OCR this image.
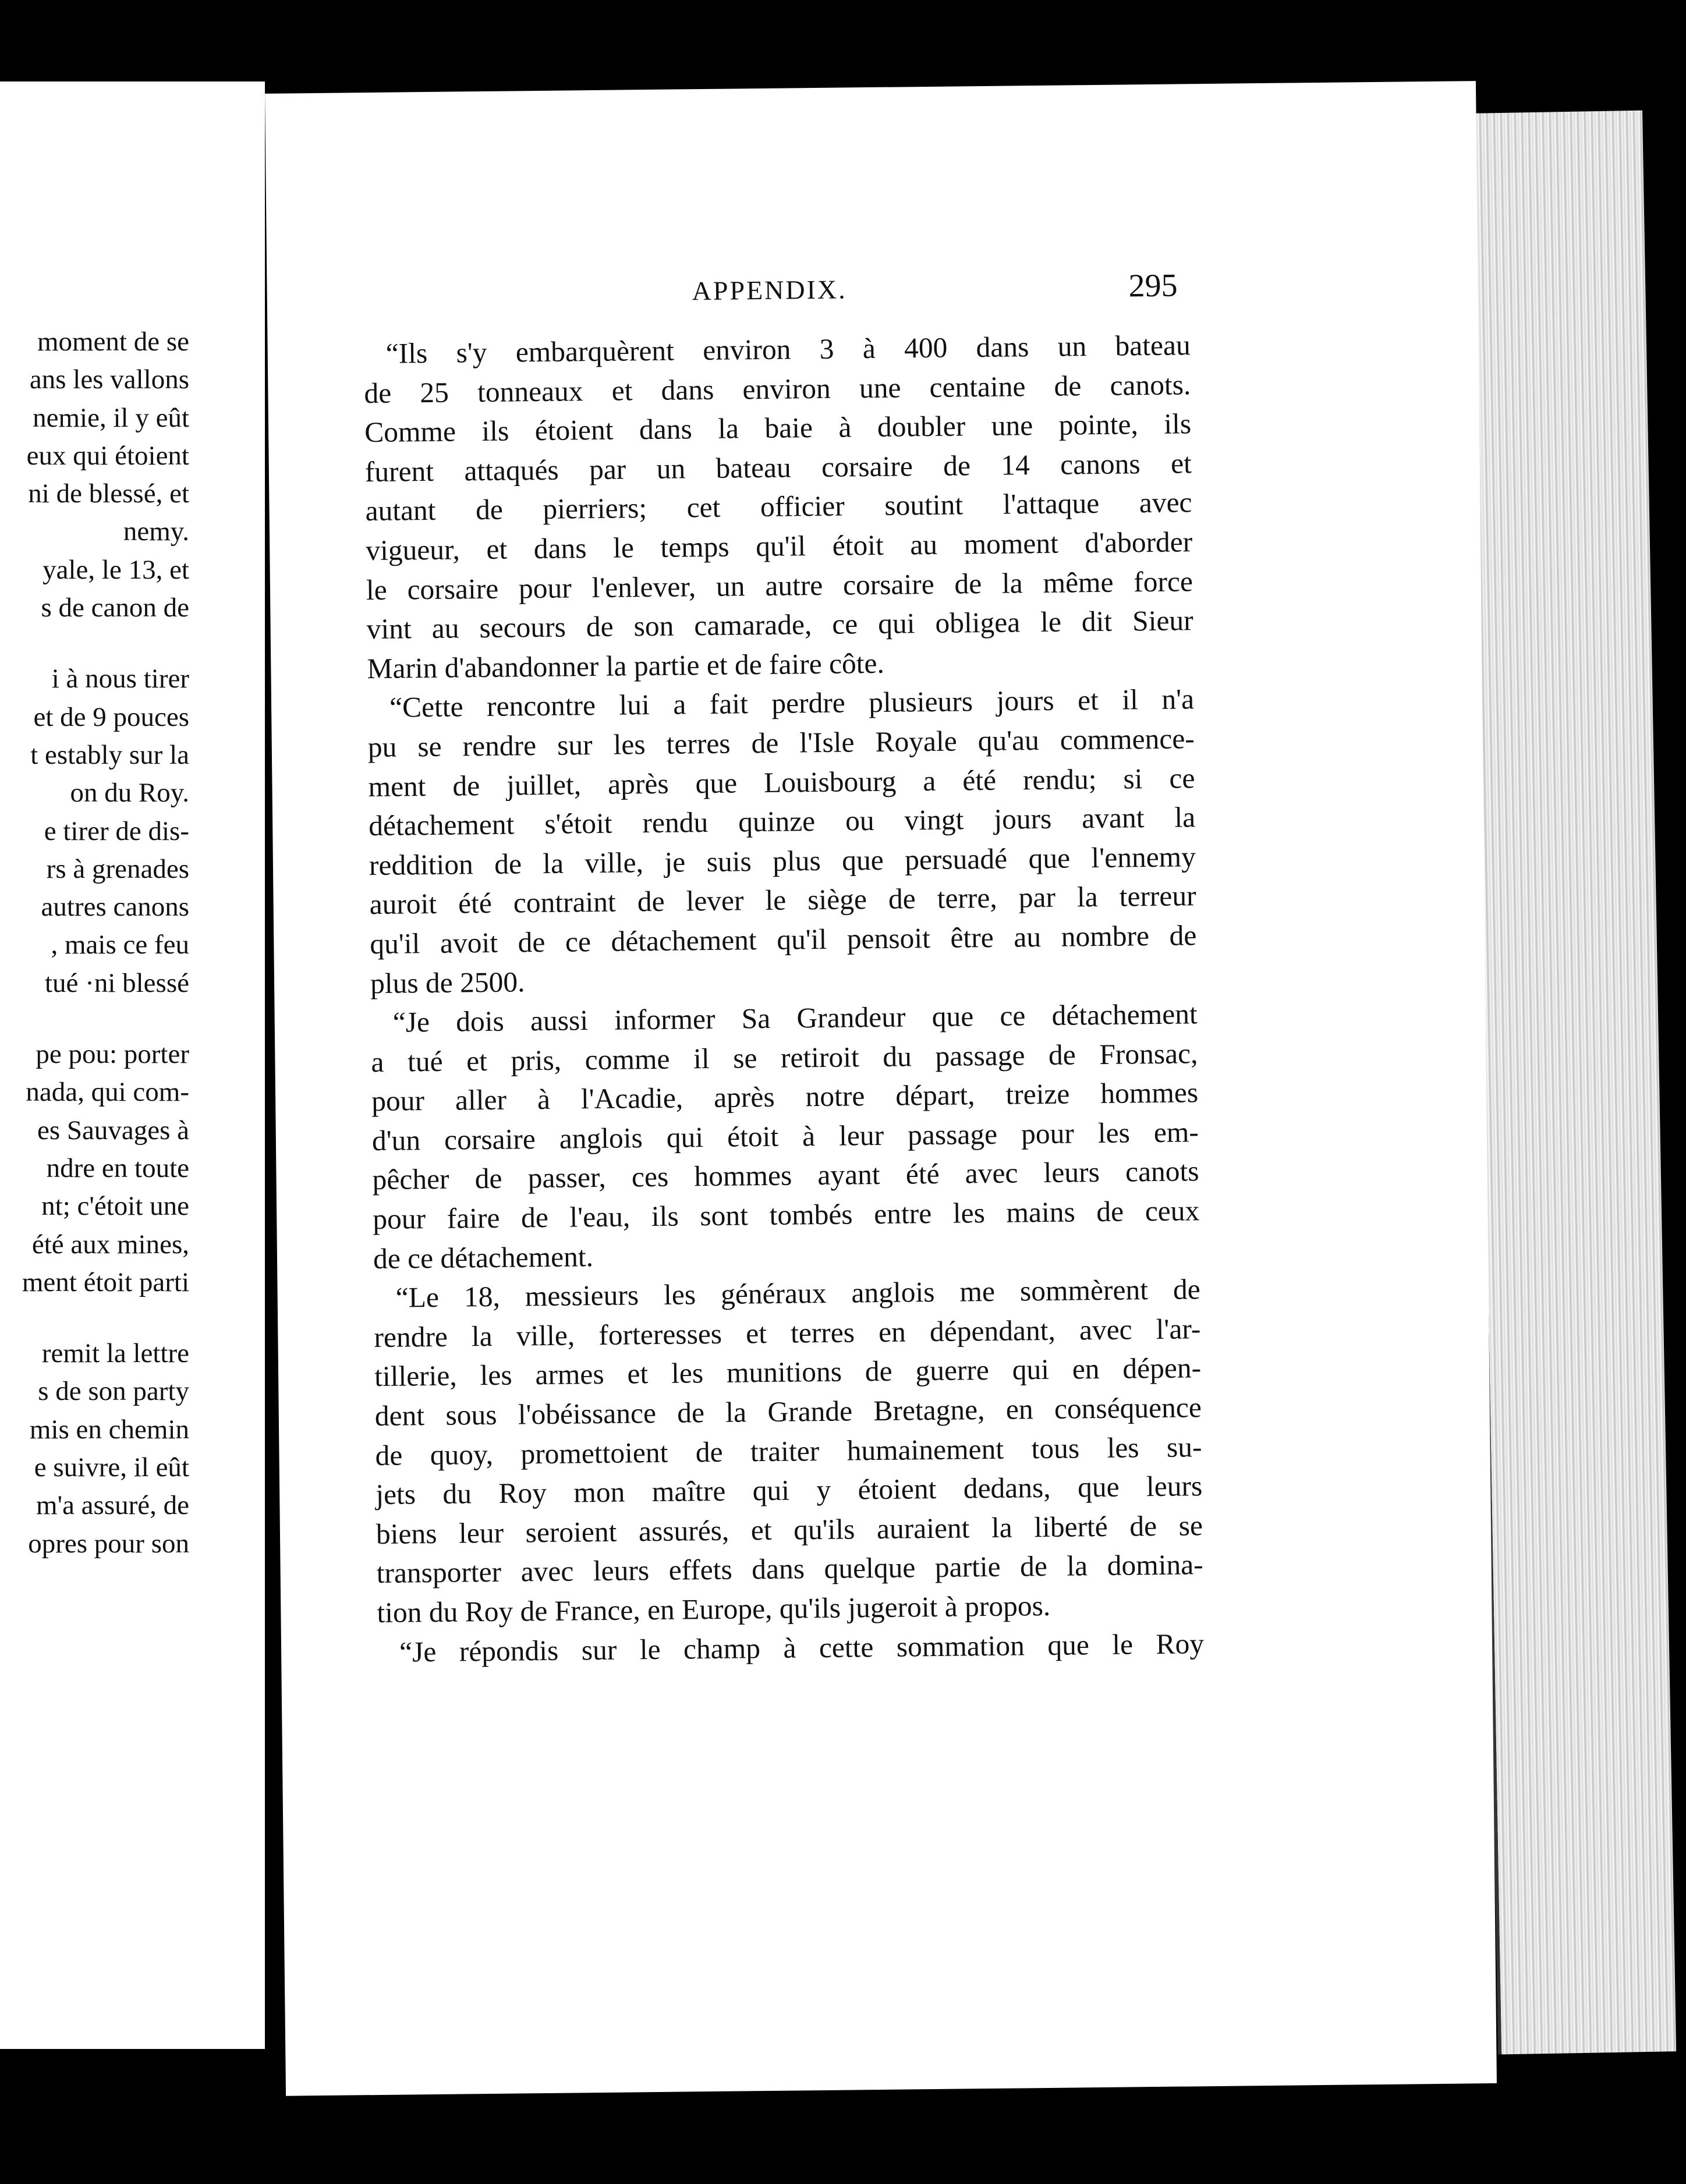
moment de se
ans les vallons
nemie, il y eût
eux qui étoient
ni de blessé, et
nemy.
yale, le 13, et
s de canon de
i à nous tirer
et de 9 pouces
t estably sur la
on du Roy.
e tirer de dis-
rs à grenades
autres canons
, mais ce feu
tué ·ni blessé
pe pou: porter
nada, qui com-
es Sauvages à
ndre en toute
nt; c'étoit une
été aux mines,
ment étoit parti
remit la lettre
s de son party
mis en chemin
e suivre, il eût
m'a assuré, de
opres pour son
APPENDIX.	295
“Ils s'y embarquèrent environ 3 à 400 dans un bateau
de 25 tonneaux et dans environ une centaine de canots.
Comme ils étoient dans la baie à doubler une pointe, ils
furent attaqués par un bateau corsaire de 14 canons et
autant de pierriers; cet officier soutint l'attaque avec
vigueur, et dans le temps qu'il étoit au moment d'aborder
le corsaire pour l'enlever, un autre corsaire de la même force
vint au secours de son camarade, ce qui obligea le dit Sieur
Marin d'abandonner la partie et de faire côte.
“Cette rencontre lui a fait perdre plusieurs jours et il n'a
pu se rendre sur les terres de l'Isle Royale qu'au commence-
ment de juillet, après que Louisbourg a été rendu; si ce
détachement s'étoit rendu quinze ou vingt jours avant la
reddition de la ville, je suis plus que persuadé que l'ennemy
auroit été contraint de lever le siège de terre, par la terreur
qu'il avoit de ce détachement qu'il pensoit être au nombre de
plus de 2500.
“Je dois aussi informer Sa Grandeur que ce détachement
a tué et pris, comme il se retiroit du passage de Fronsac,
pour aller à l'Acadie, après notre départ, treize hommes
d'un corsaire anglois qui étoit à leur passage pour les em-
pêcher de passer, ces hommes ayant été avec leurs canots
pour faire de l'eau, ils sont tombés entre les mains de ceux
de ce détachement.
“Le 18, messieurs les généraux anglois me sommèrent de
rendre la ville, forteresses et terres en dépendant, avec l'ar-
tillerie, les armes et les munitions de guerre qui en dépen-
dent sous l'obéissance de la Grande Bretagne, en conséquence
de quoy, promettoient de traiter humainement tous les su-
jets du Roy mon maître qui y étoient dedans, que leurs
biens leur seroient assurés, et qu'ils auraient la liberté de se
transporter avec leurs effets dans quelque partie de la domina-
tion du Roy de France, en Europe, qu'ils jugeroit à propos.
“Je répondis sur le champ à cette sommation que le Roy
